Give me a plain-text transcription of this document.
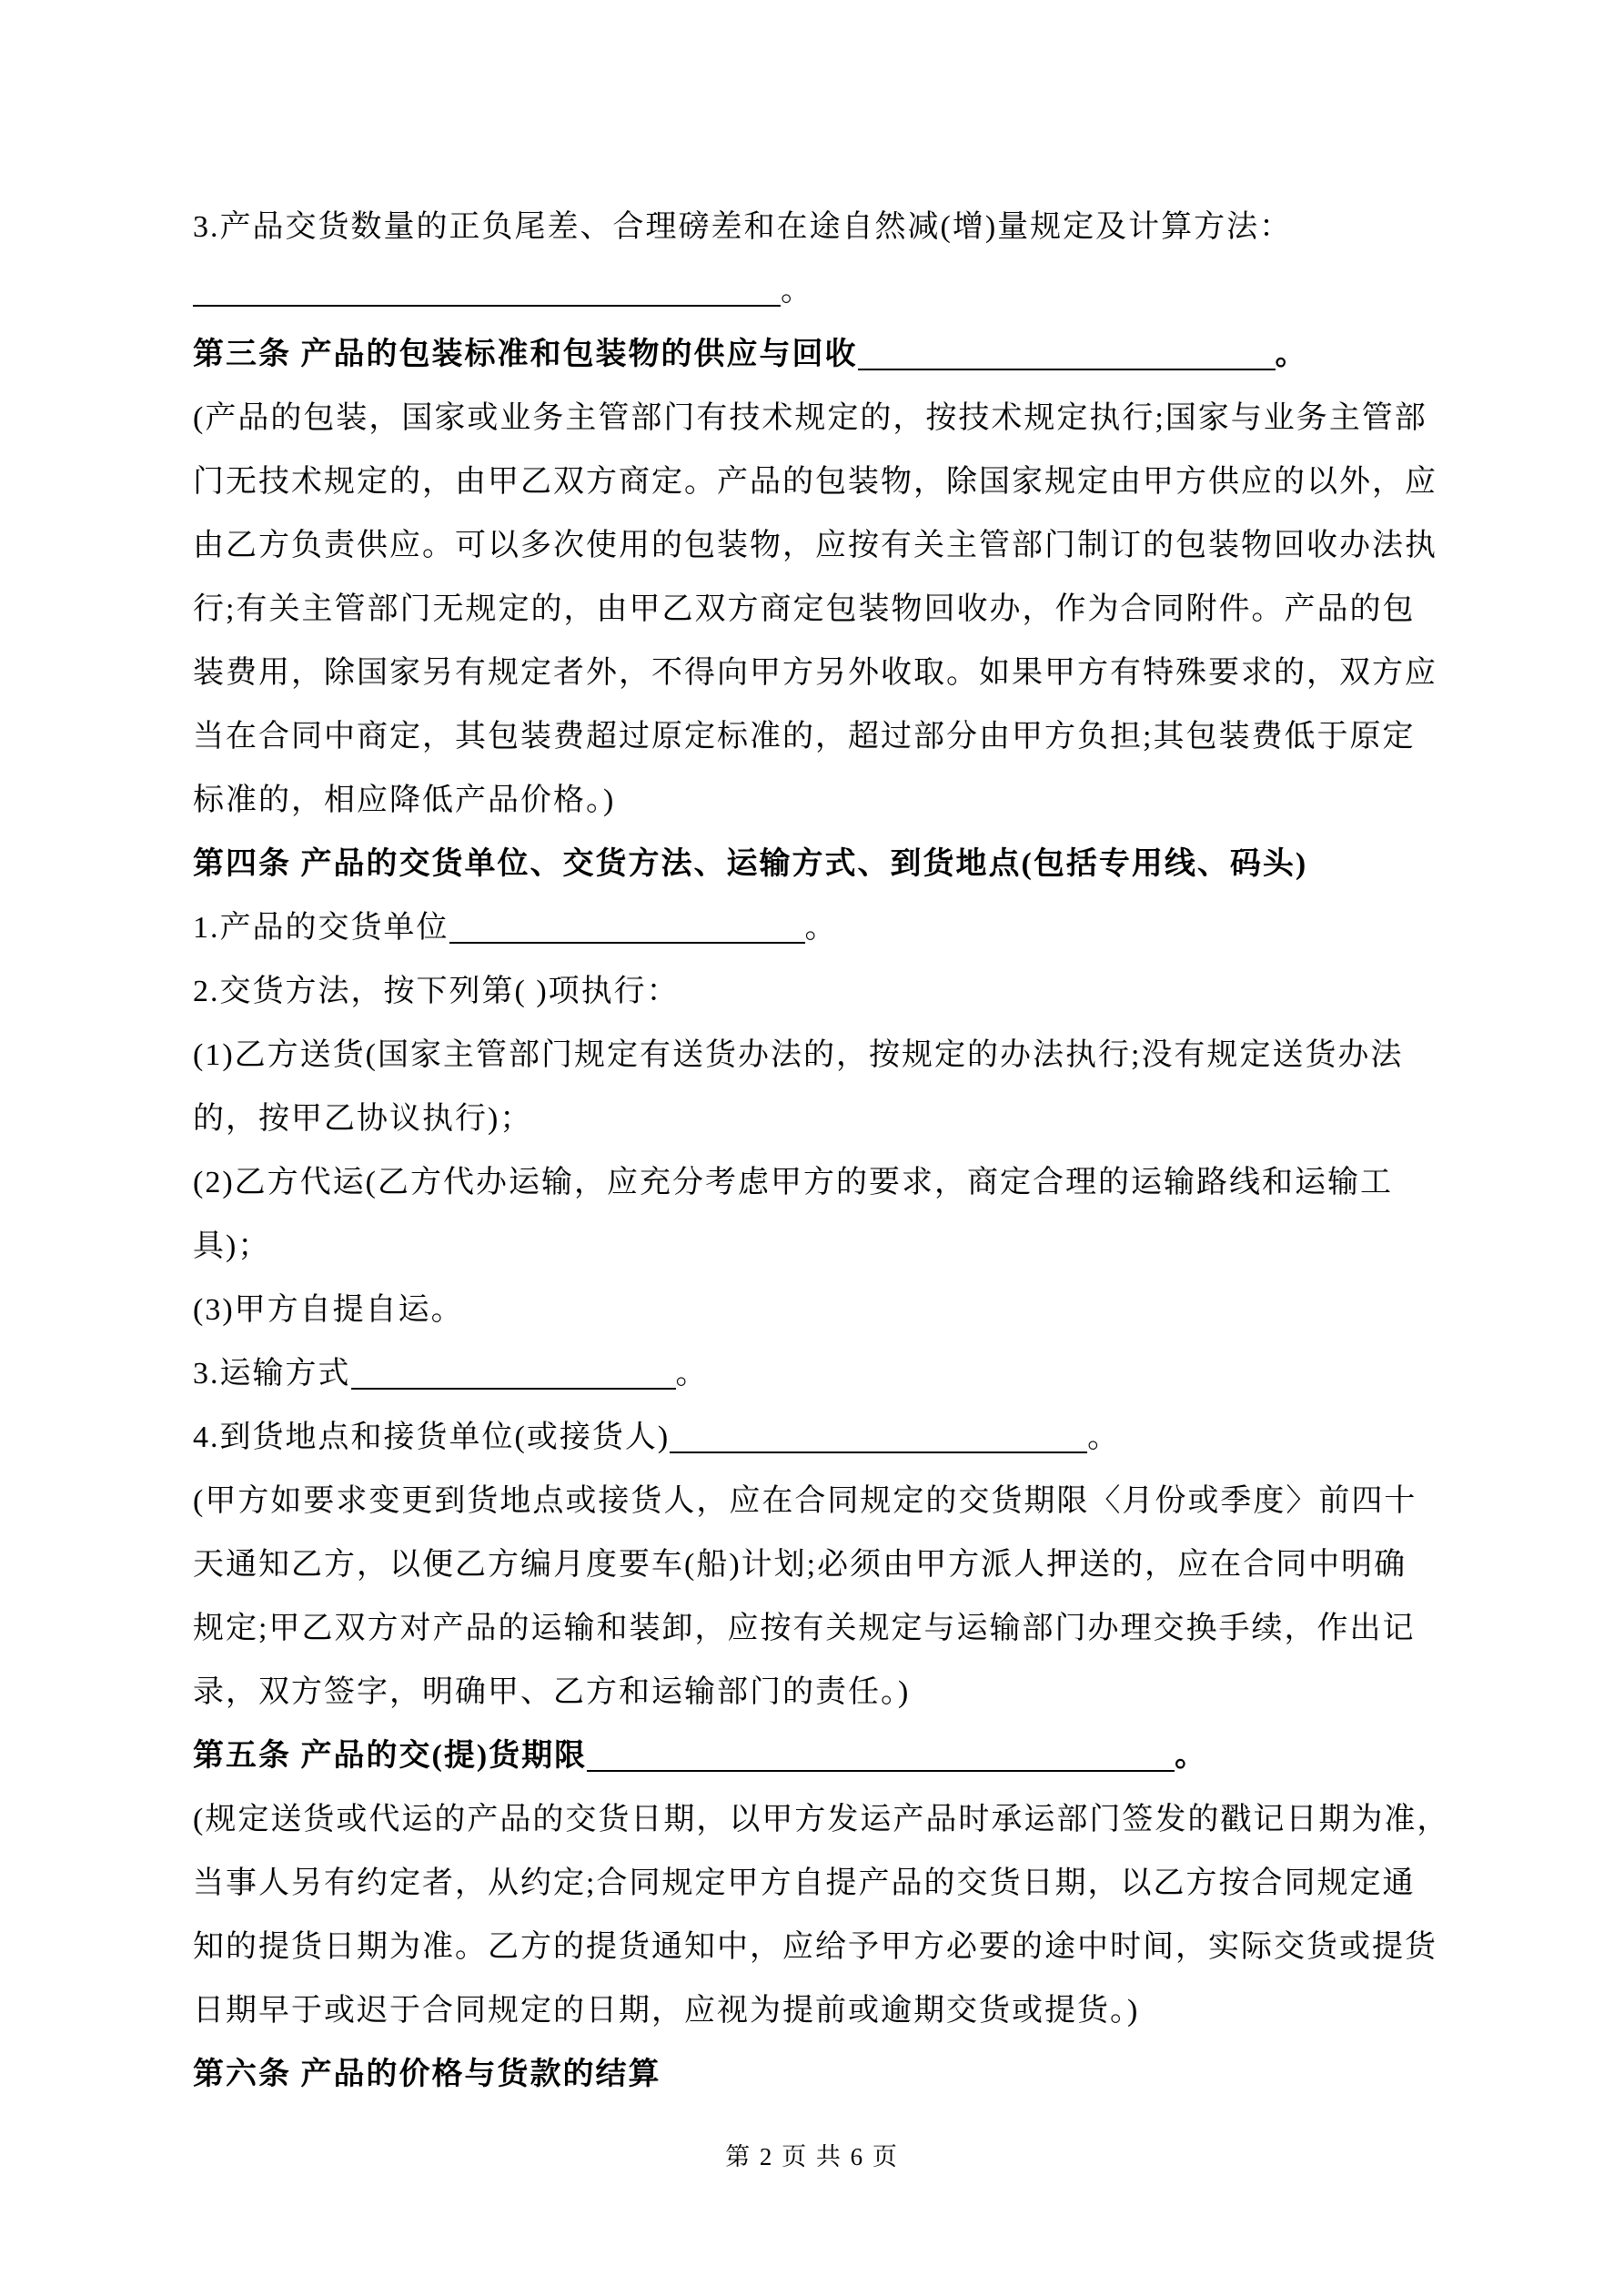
3.产品交货数量的正负尾差、合理磅差和在途自然减(增)量规定及计算方法：
。
第三条 产品的包装标准和包装物的供应与回收	。
(产品的包装，国家或业务主管部门有技术规定的，按技术规定执行;国家与业务主管部
门无技术规定的，由甲乙双方商定。产品的包装物，除国家规定由甲方供应的以外，应
由乙方负责供应。可以多次使用的包装物，应按有关主管部门制订的包装物回收办法执
行;有关主管部门无规定的，由甲乙双方商定包装物回收办，作为合同附件。产品的包
装费用，除国家另有规定者外，不得向甲方另外收取。如果甲方有特殊要求的，双方应
当在合同中商定，其包装费超过原定标准的，超过部分由甲方负担;其包装费低于原定
标准的，相应降低产品价格。)
第四条 产品的交货单位、交货方法、运输方式、到货地点(包括专用线、码头)
1.产品的交货单位	。
2.交货方法，按下列第( )项执行：
(1)乙方送货(国家主管部门规定有送货办法的，按规定的办法执行;没有规定送货办法
的，按甲乙协议执行)；
(2)乙方代运(乙方代办运输，应充分考虑甲方的要求，商定合理的运输路线和运输工
具)；
(3)甲方自提自运。
3.运输方式	。
4.到货地点和接货单位(或接货人)	。
(甲方如要求变更到货地点或接货人，应在合同规定的交货期限〈月份或季度〉前四十
天通知乙方，以便乙方编月度要车(船)计划;必须由甲方派人押送的，应在合同中明确
规定;甲乙双方对产品的运输和装卸，应按有关规定与运输部门办理交换手续，作出记
录，双方签字，明确甲、乙方和运输部门的责任。)
第五条 产品的交(提)货期限	。
(规定送货或代运的产品的交货日期，以甲方发运产品时承运部门签发的戳记日期为准，
当事人另有约定者，从约定;合同规定甲方自提产品的交货日期，以乙方按合同规定通
知的提货日期为准。乙方的提货通知中，应给予甲方必要的途中时间，实际交货或提货
日期早于或迟于合同规定的日期，应视为提前或逾期交货或提货。)
第六条 产品的价格与货款的结算
第 2 页 共 6 页
